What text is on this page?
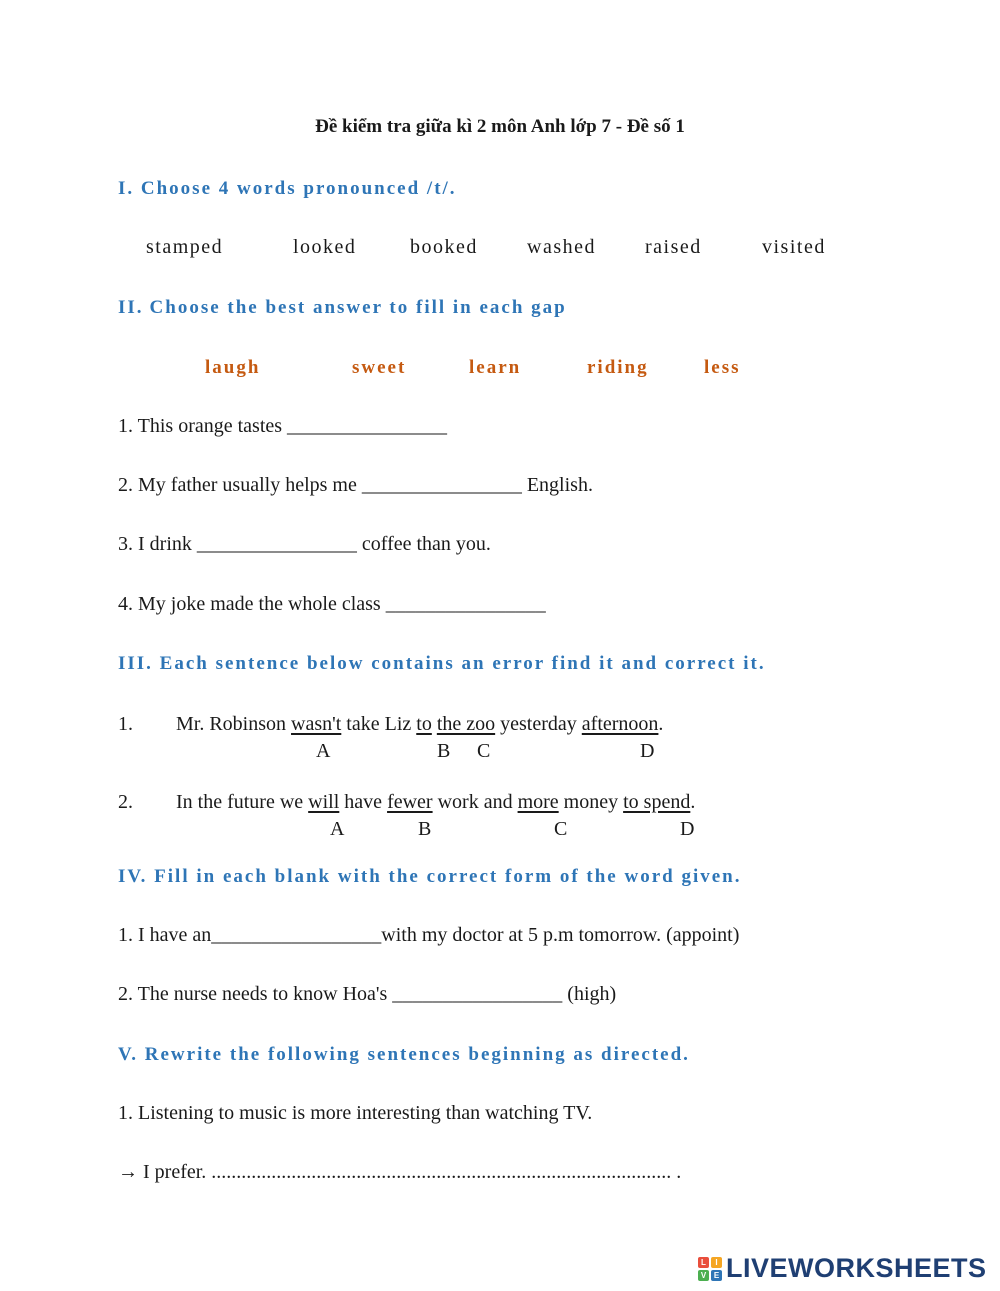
Đề kiểm tra giữa kì 2 môn Anh lớp 7 - Đề số 1
I. Choose 4 words pronounced /t/.
stamped	looked	booked washed raised	visited
II. Choose the best answer to fill in each gap
laugh	sweet	learn	riding	less
1. This orange tastes ________________
2. My father usually helps me ________________ English.
3. I drink ________________ coffee than you.
4. My joke made the whole class ________________
III. Each sentence below contains an error find it and correct it.
1. Mr. Robinson wasn't take Liz to the zoo yesterday afternoon.
A	B C	D
2. In the future we will have fewer work and more money to spend.
A	B	C	D
IV. Fill in each blank with the correct form of the word given.
1. I have an_________________with my doctor at 5 p.m tomorrow. (appoint)
2. The nurse needs to know Hoa's _________________ (high)
V. Rewrite the following sentences beginning as directed.
1. Listening to music is more interesting than watching TV.
→ I prefer. ............................................................................................ .
L	I
V E LIVEWORKSHEETS
